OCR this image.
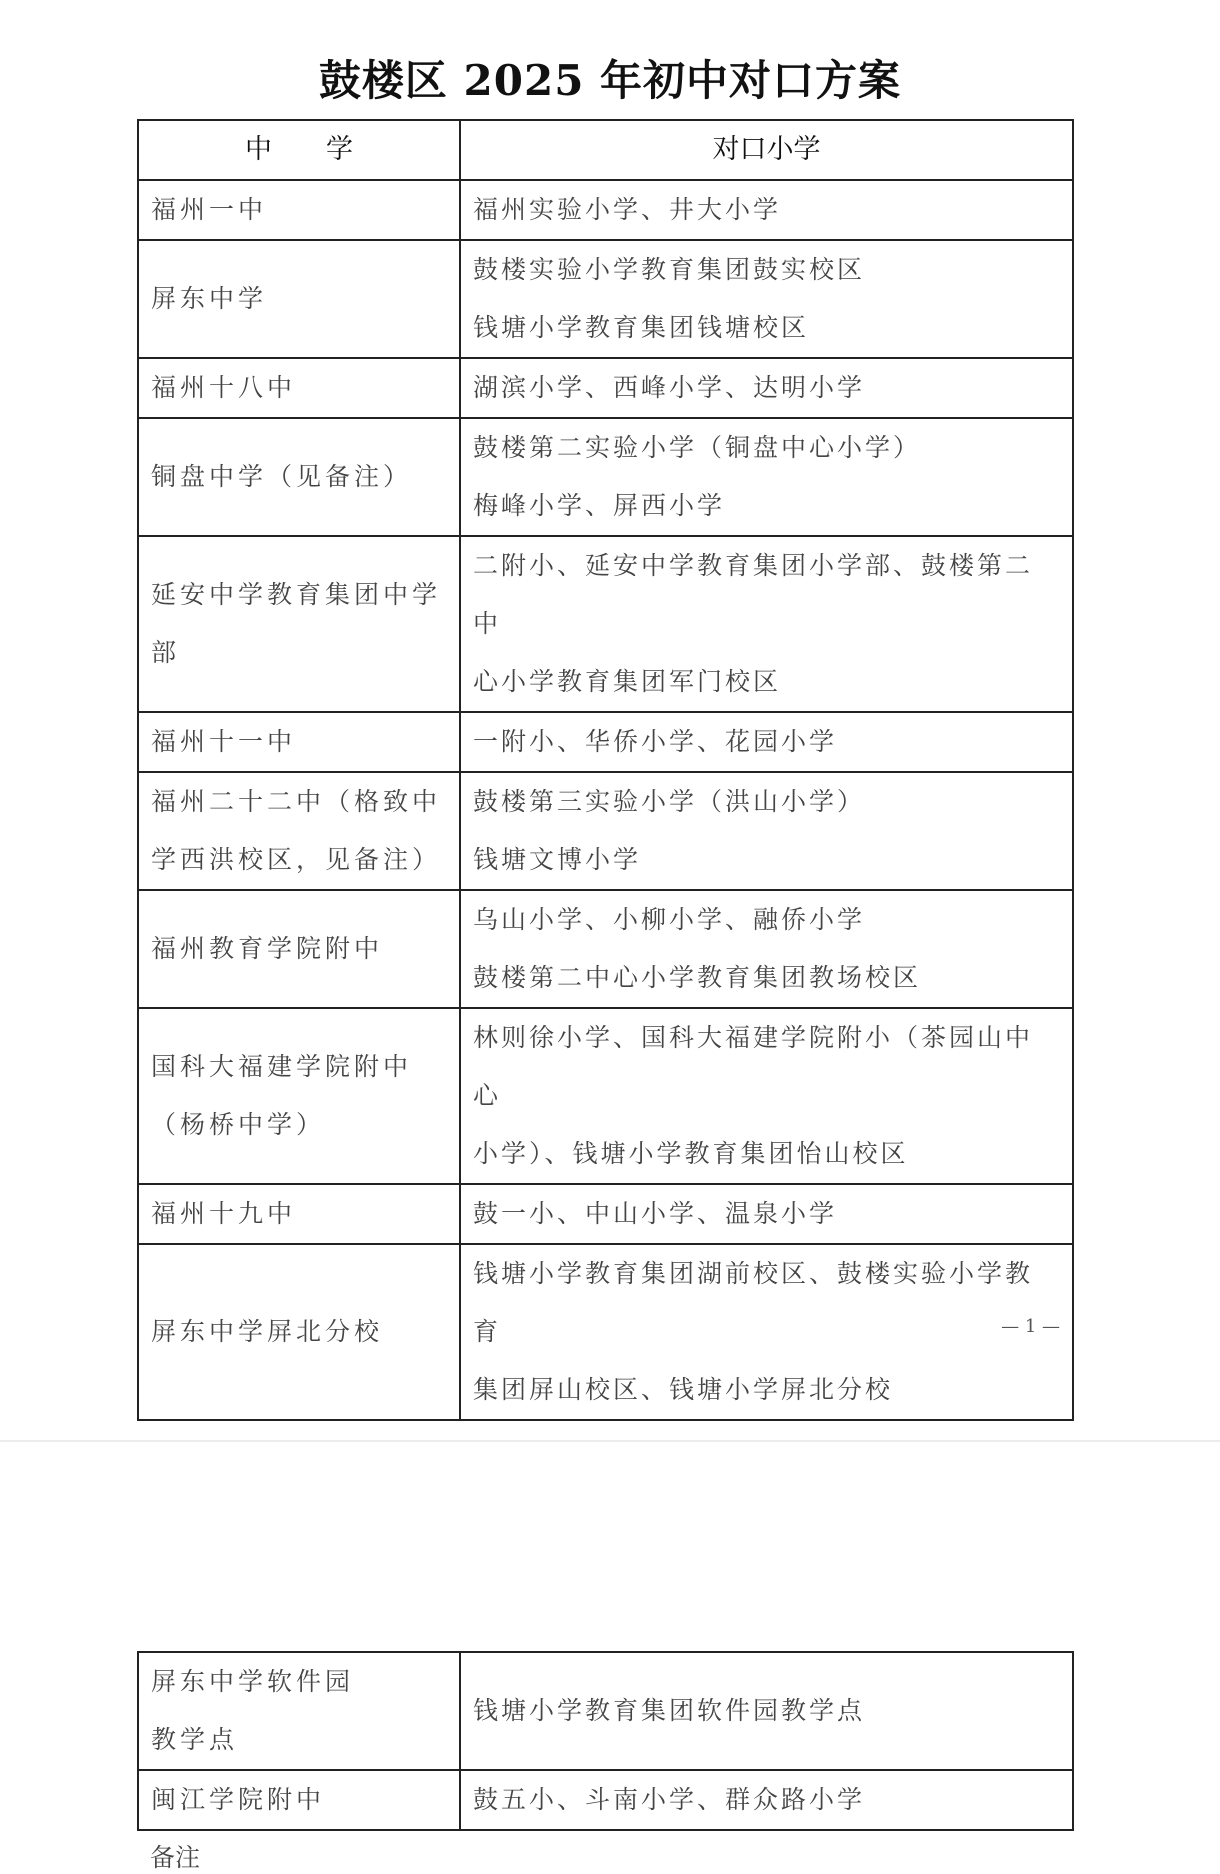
鼓楼区 2025 年初中对口方案
中　　学	对口小学

福州一中	福州实验小学、井大小学

屏东中学	鼓楼实验小学教育集团鼓实校区
钱塘小学教育集团钱塘校区

福州十八中	湖滨小学、西峰小学、达明小学

铜盘中学（见备注）	鼓楼第二实验小学（铜盘中心小学）
梅峰小学、屏西小学

延安中学教育集团中学
部	二附小、延安中学教育集团小学部、鼓楼第二中
心小学教育集团军门校区

福州十一中	一附小、华侨小学、花园小学

福州二十二中（格致中
学西洪校区，见备注）	鼓楼第三实验小学（洪山小学）
钱塘文博小学

福州教育学院附中	乌山小学、小柳小学、融侨小学
鼓楼第二中心小学教育集团教场校区

国科大福建学院附中
（杨桥中学）	林则徐小学、国科大福建学院附小（茶园山中心
小学）、钱塘小学教育集团怡山校区

福州十九中	鼓一小、中山小学、温泉小学

屏东中学屏北分校	钱塘小学教育集团湖前校区、鼓楼实验小学教育
集团屏山校区、钱塘小学屏北分校
— 1 —
屏东中学软件园
教学点	钱塘小学教育集团软件园教学点

闽江学院附中	鼓五小、斗南小学、群众路小学
备注
